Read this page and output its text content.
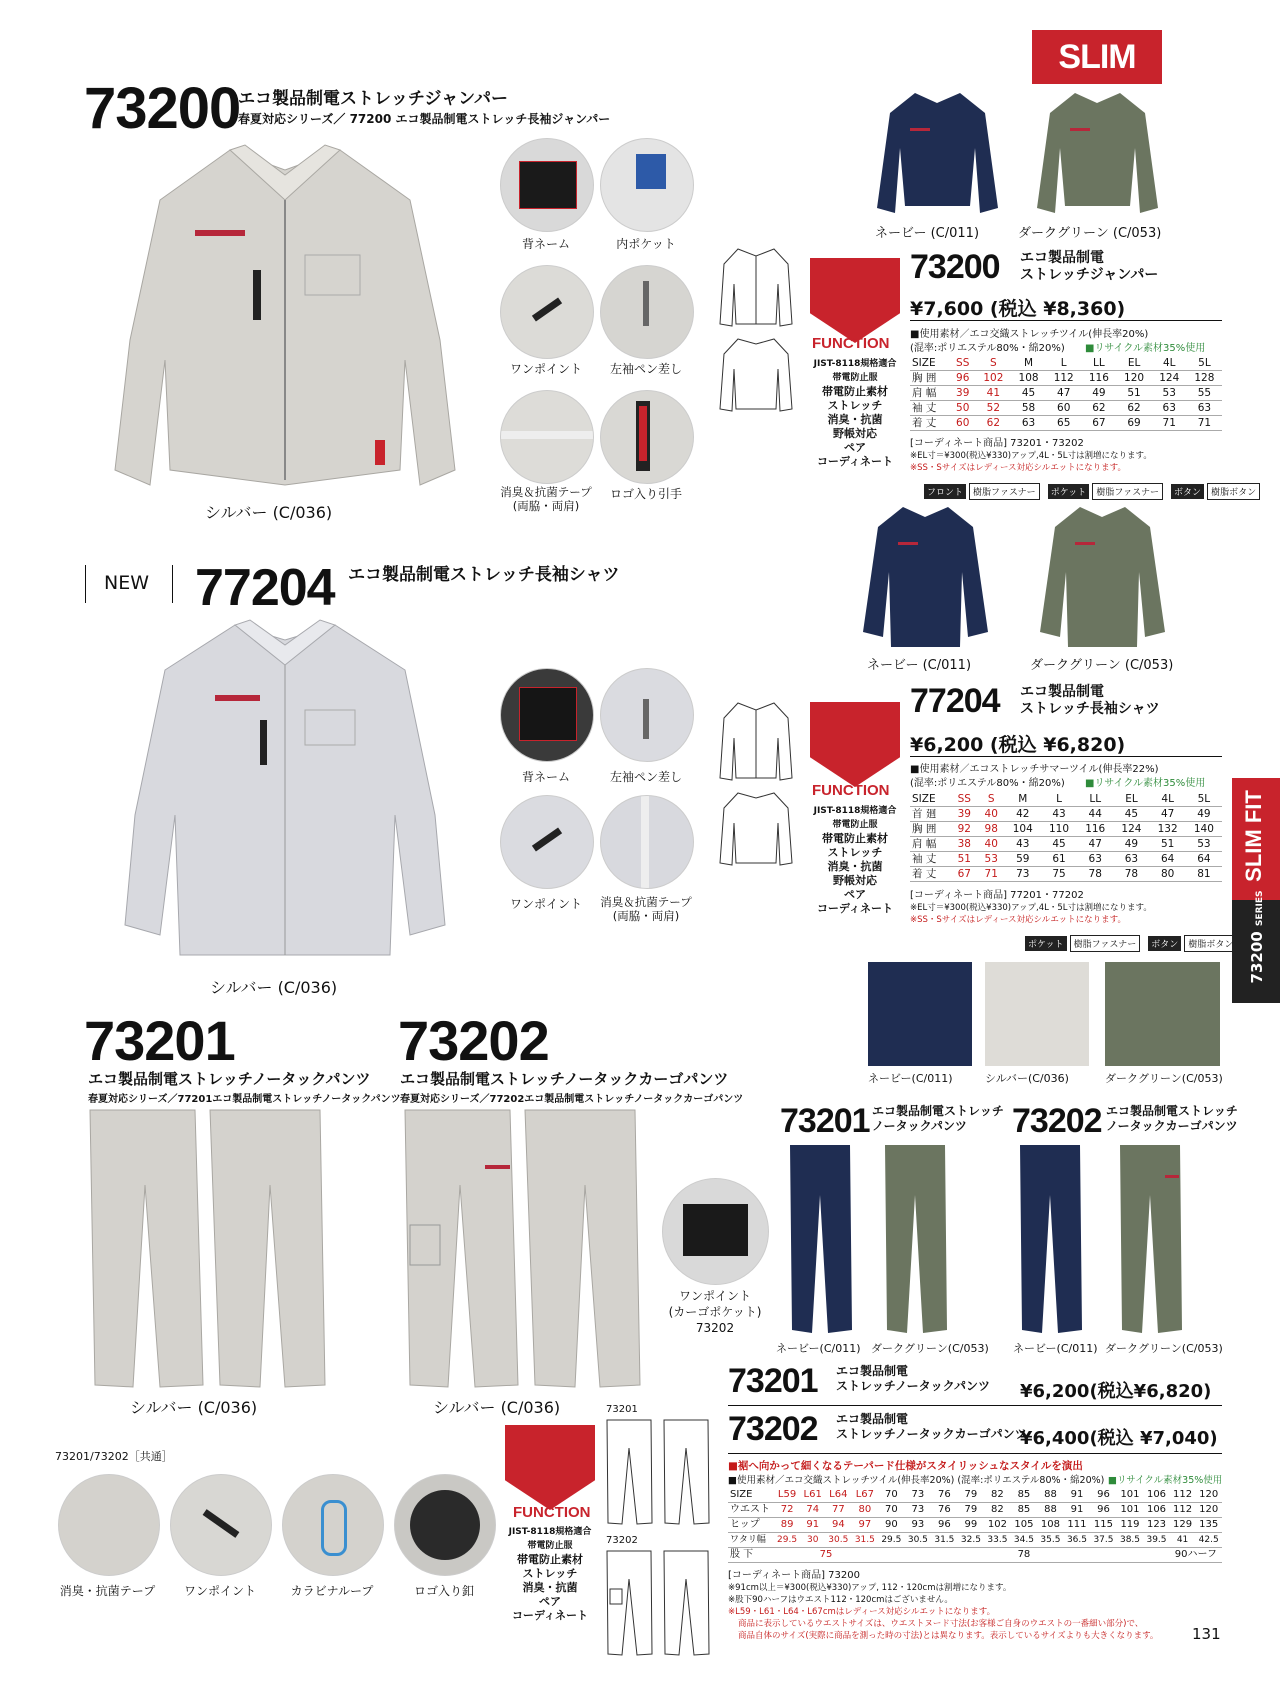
SLIM
SLIM FIT
73200 SERIES
73200
エコ製品制電ストレッチジャンパー
春夏対応シリーズ／ 77200 エコ製品制電ストレッチ長袖ジャンパー
シルバー (C/036)
背ネーム	内ポケット
ワンポイント	左袖ペン差し
消臭＆抗菌テープ
(両脇・両肩)
ロゴ入り引手
FUNCTION
JIST-8118規格適合
帯電防止服
帯電防止素材
ストレッチ
消臭・抗菌
野帳対応
ペア
コーディネート
ネービー (C/011)	ダークグリーン (C/053)
73200 エコ製品制電
ストレッチジャンパー
¥7,600 (税込 ¥8,360)
■使用素材／エコ交織ストレッチツイル(伸長率20%)
(混率:ポリエステル80%・綿20%) ■リサイクル素材35%使用
SIZE	SS	S	M	L	LL	EL	4L	5L
胸 囲	96	102	108	112	116	120	124	128
肩 幅	39	41	45	47	49	51	53	55
袖 丈	50	52	58	60	62	62	63	63
着 丈	60	62	63	65	67	69	71	71
[コーディネート商品] 73201・73202
※EL寸＝¥300(税込¥330)アップ,4L・5L寸は割増になります。
※SS・Sサイズはレディース対応シルエットになります。
フロント 樹脂ファスナー ポケット 樹脂ファスナー ボタン 樹脂ボタン
NEW 77204 エコ製品制電ストレッチ長袖シャツ
シルバー (C/036)
背ネーム	左袖ペン差し
ワンポイント	消臭＆抗菌テープ
(両脇・両肩)
FUNCTION
JIST-8118規格適合
帯電防止服
帯電防止素材
ストレッチ
消臭・抗菌
野帳対応
ペア
コーディネート
ネービー (C/011)	ダークグリーン (C/053)
77204 エコ製品制電
ストレッチ長袖シャツ
¥6,200 (税込 ¥6,820)
■使用素材／エコストレッチサマーツイル(伸長率22%)
(混率:ポリエステル80%・綿20%) ■リサイクル素材35%使用
SIZE	SS	S	M	L	LL	EL	4L	5L
首 廻	39	40	42	43	44	45	47	49
胸 囲	92	98	104	110	116	124	132	140
肩 幅	38	40	43	45	47	49	51	53
袖 丈	51	53	59	61	63	63	64	64
着 丈	67	71	73	75	78	78	80	81
[コーディネート商品] 77201・77202
※EL寸＝¥300(税込¥330)アップ,4L・5L寸は割増になります。
※SS・Sサイズはレディース対応シルエットになります。
ポケット 樹脂ファスナー ボタン 樹脂ボタン
73201
エコ製品制電ストレッチノータックパンツ
春夏対応シリーズ／77201エコ製品制電ストレッチノータックパンツ
73202
エコ製品制電ストレッチノータックカーゴパンツ
春夏対応シリーズ／77202エコ製品制電ストレッチノータックカーゴパンツ
シルバー (C/036)	シルバー (C/036)
ワンポイント
(カーゴポケット)
73202
ネービー(C/011)	シルバー(C/036)	ダークグリーン(C/053)
73201 エコ製品制電ストレッチ
ノータックパンツ	73202 エコ製品制電ストレッチ
ノータックカーゴパンツ
ネービー(C/011) ダークグリーン(C/053) ネービー(C/011) ダークグリーン(C/053)
73201 エコ製品制電
ストレッチノータックパンツ ¥6,200(税込¥6,820)
73202 エコ製品制電
ストレッチノータックカーゴパンツ
¥6,400(税込 ¥7,040)
■裾へ向かって細くなるテーパード仕様がスタイリッシュなスタイルを演出
■使用素材／エコ交織ストレッチツイル(伸長率20%) (混率:ポリエステル80%・綿20%) ■リサイクル素材35%使用
SIZE	L59	L61	L64	L67	70	73	76	79	82	85	88	91	96	101	106	112	120
ウエスト	72	74	77	80	70	73	76	79	82	85	88	91	96	101	106	112	120
ヒップ	89	91	94	97	90	93	96	99	102	105	108	111	115	119	123	129	135
ワタリ幅	29.5	30	30.5	31.5	29.5	30.5	31.5	32.5	33.5	34.5	35.5	36.5	37.5	38.5	39.5	41	42.5
股 下	75				78											90ハーフ	
[コーディネート商品] 73200
※91cm以上＝¥300(税込¥330)アップ, 112・120cmは割増になります。
※股下90ハーフはウエスト112・120cmはございません。
※L59・L61・L64・L67cmはレディース対応シルエットになります。
商品に表示しているウエストサイズは、ウエストヌード寸法(お客様ご自身のウエストの一番細い部分)で、
商品自体のサイズ(実際に商品を測った時の寸法)とは異なります。表示しているサイズよりも大きくなります。
73201
73202
FUNCTION
JIST-8118規格適合
帯電防止服
帯電防止素材
ストレッチ
消臭・抗菌
ペア
コーディネート
73201/73202［共通］
消臭・抗菌テープ	ワンポイント	カラビナループ	ロゴ入り釦
131
